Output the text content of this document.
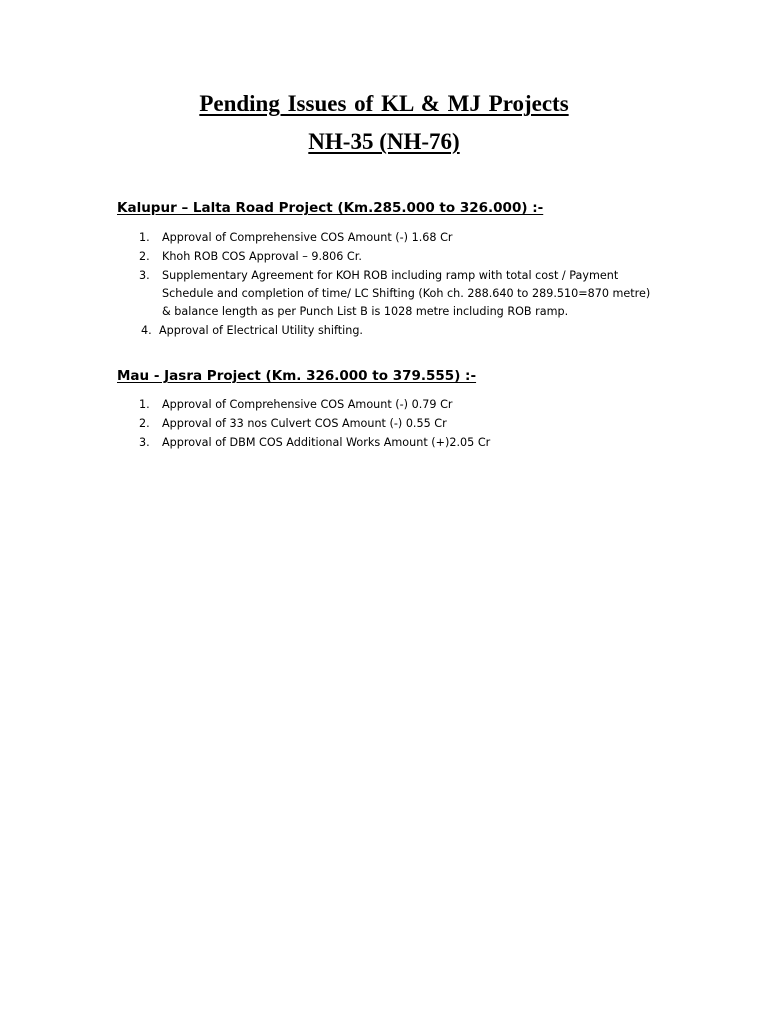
Pending Issues of KL & MJ Projects
NH-35 (NH-76)
Kalupur – Lalta Road Project (Km.285.000 to 326.000) :-
1. Approval of Comprehensive COS Amount (-) 1.68 Cr
2. Khoh ROB COS Approval – 9.806 Cr.
3. Supplementary Agreement for KOH ROB including ramp with total cost / Payment Schedule and completion of time/ LC Shifting (Koh ch. 288.640 to 289.510=870 metre) & balance length as per Punch List B is 1028 metre including ROB ramp.
4. Approval of Electrical Utility shifting.
Mau - Jasra Project (Km. 326.000 to 379.555) :-
1. Approval of Comprehensive COS Amount (-) 0.79 Cr
2. Approval of 33 nos Culvert COS Amount (-) 0.55 Cr
3. Approval of DBM COS Additional Works Amount (+)2.05 Cr
